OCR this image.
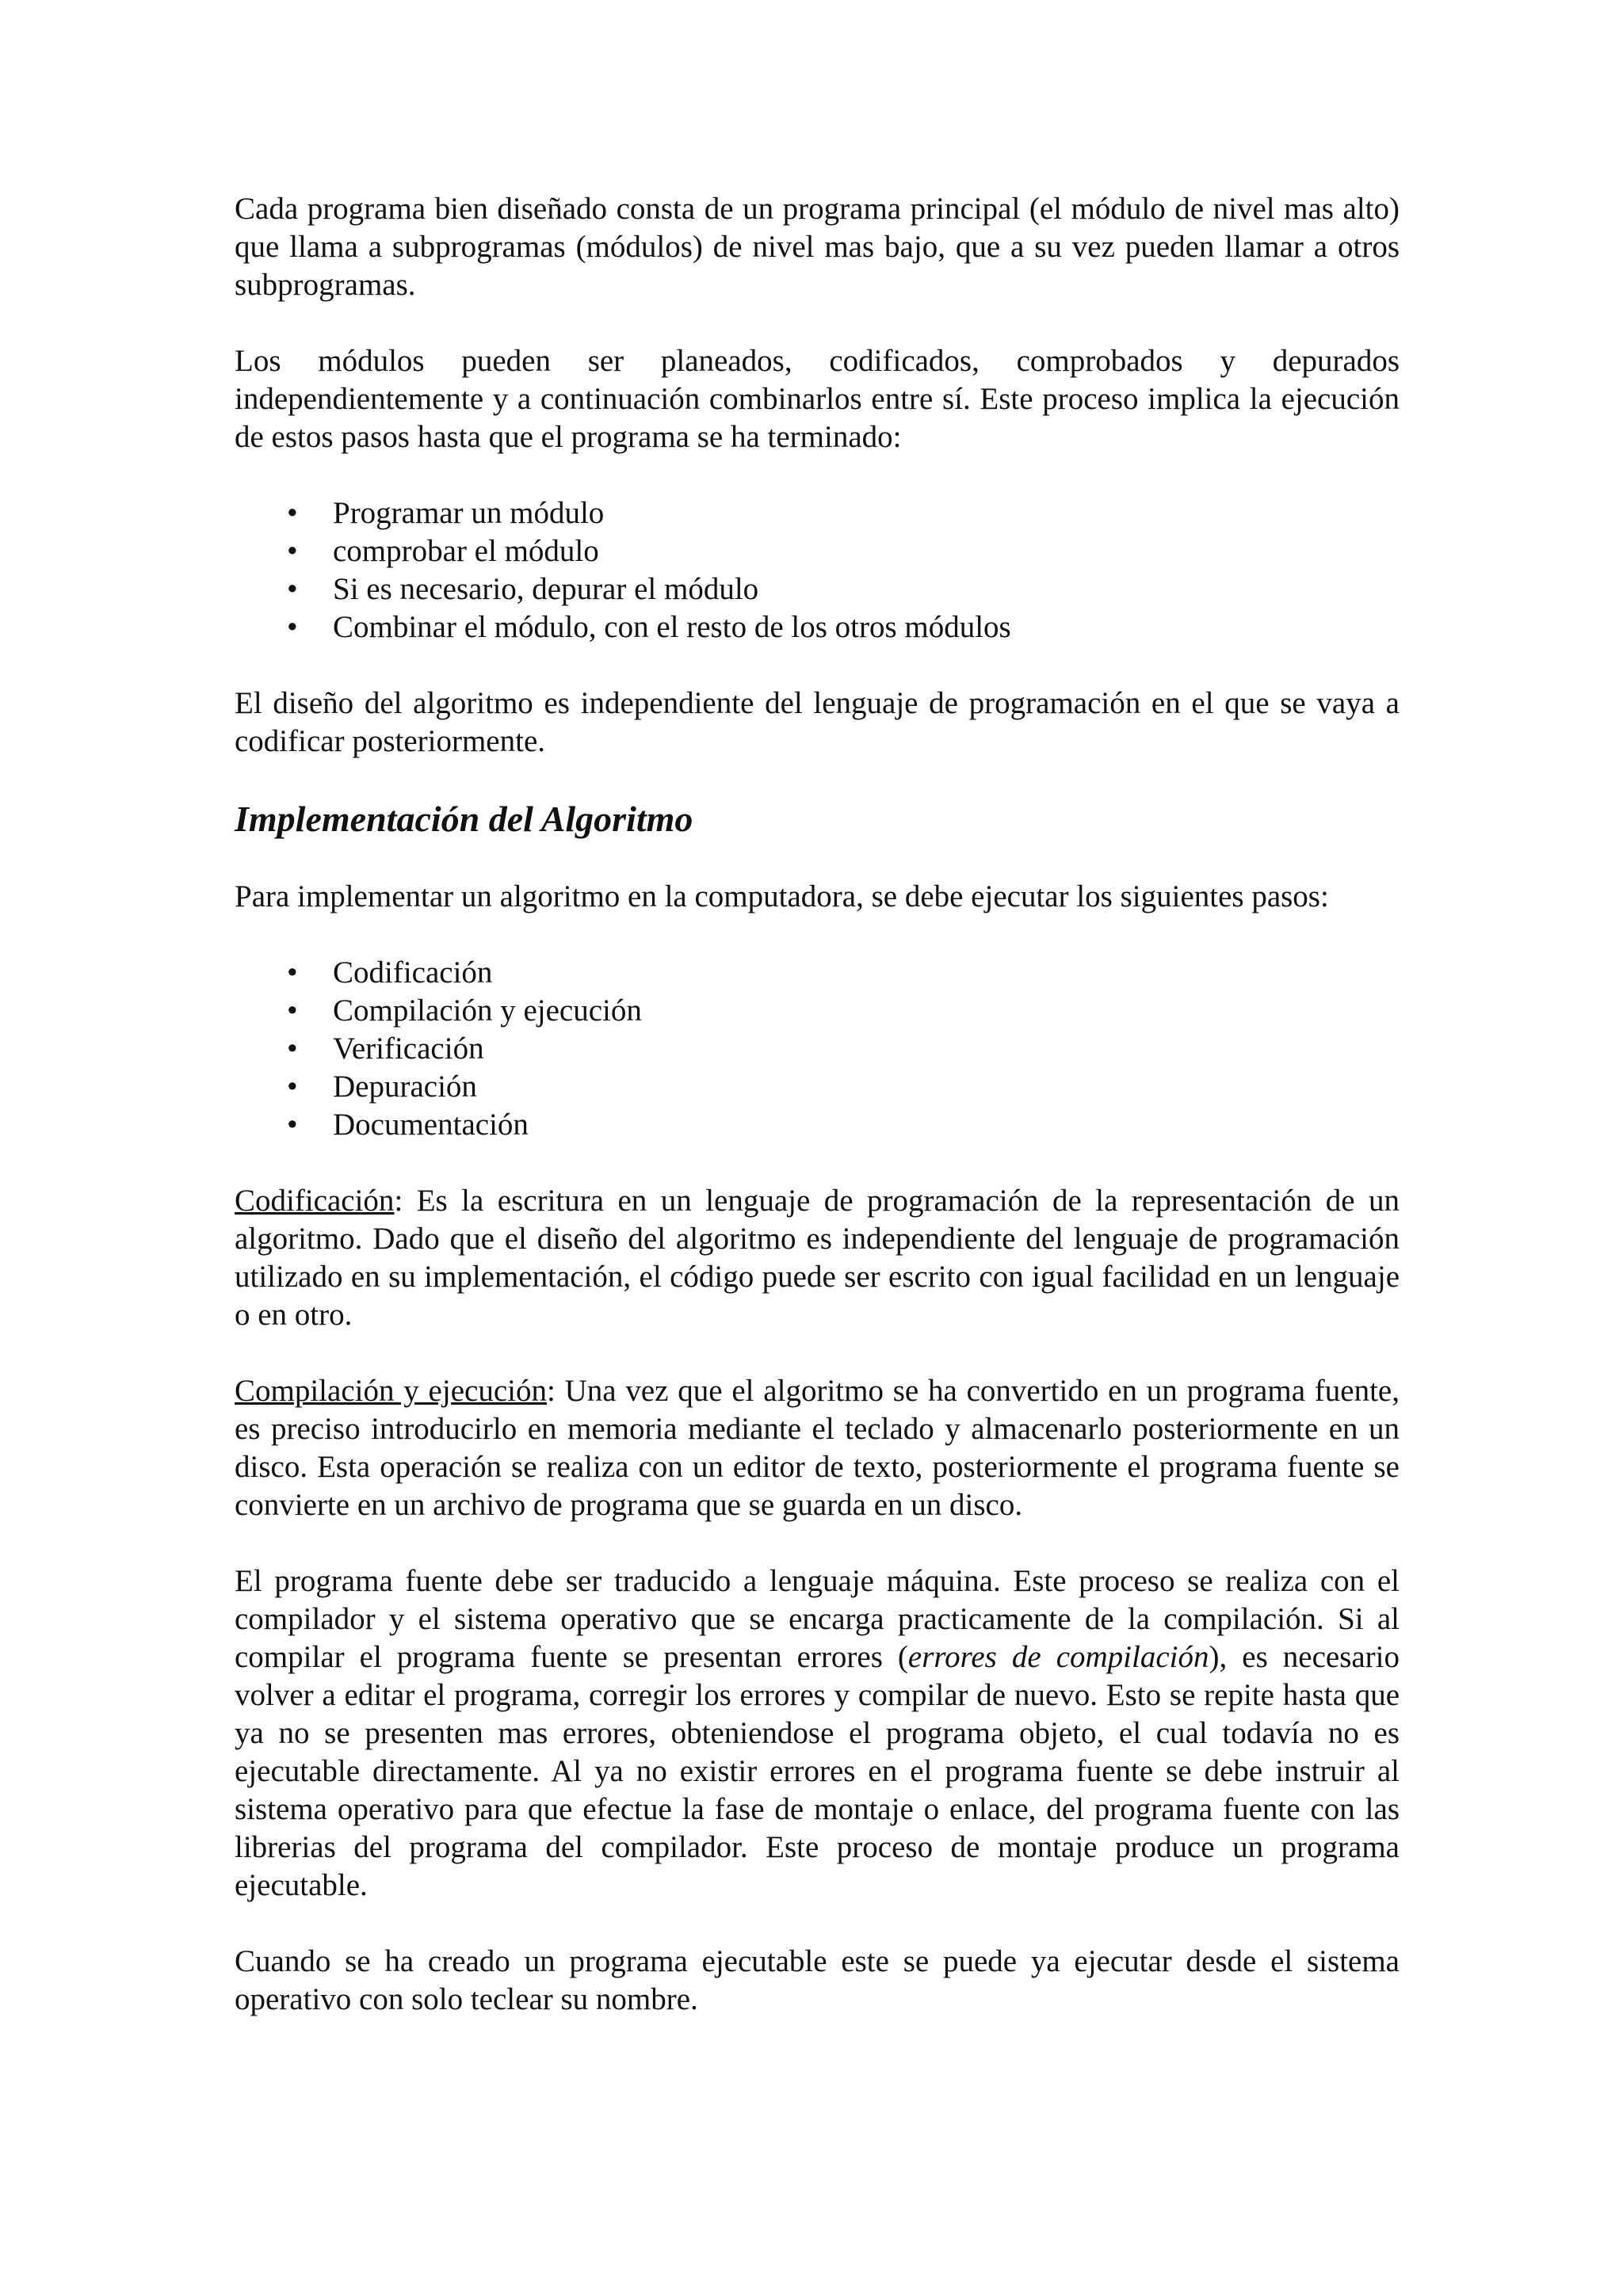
Cada programa bien diseñado consta de un programa principal (el módulo de nivel mas alto) que llama a subprogramas (módulos) de nivel mas bajo, que a su vez pueden llamar a otros subprogramas.

Los módulos pueden ser planeados, codificados, comprobados y depurados independientemente y a continuación combinarlos entre sí. Este proceso implica la ejecución de estos pasos hasta que el programa se ha terminado:

• Programar un módulo
• comprobar el módulo
• Si es necesario, depurar el módulo
• Combinar el módulo, con el resto de los otros módulos

El diseño del algoritmo es independiente del lenguaje de programación en el que se vaya a codificar posteriormente.

Implementación del Algoritmo

Para implementar un algoritmo en la computadora, se debe ejecutar los siguientes pasos:

• Codificación
• Compilación y ejecución
• Verificación
• Depuración
• Documentación

Codificación: Es la escritura en un lenguaje de programación de la representación de un algoritmo. Dado que el diseño del algoritmo es independiente del lenguaje de programación utilizado en su implementación, el código puede ser escrito con igual facilidad en un lenguaje o en otro.

Compilación y ejecución: Una vez que el algoritmo se ha convertido en un programa fuente, es preciso introducirlo en memoria mediante el teclado y almacenarlo posteriormente en un disco. Esta operación se realiza con un editor de texto, posteriormente el programa fuente se convierte en un archivo de programa que se guarda en un disco.

El programa fuente debe ser traducido a lenguaje máquina. Este proceso se realiza con el compilador y el sistema operativo que se encarga practicamente de la compilación. Si al compilar el programa fuente se presentan errores (errores de compilación), es necesario volver a editar el programa, corregir los errores y compilar de nuevo. Esto se repite hasta que ya no se presenten mas errores, obteniendose el programa objeto, el cual todavía no es ejecutable directamente. Al ya no existir errores en el programa fuente se debe instruir al sistema operativo para que efectue la fase de montaje o enlace, del programa fuente con las librerias del programa del compilador. Este proceso de montaje produce un programa ejecutable.

Cuando se ha creado un programa ejecutable este se puede ya ejecutar desde el sistema operativo con solo teclear su nombre.
